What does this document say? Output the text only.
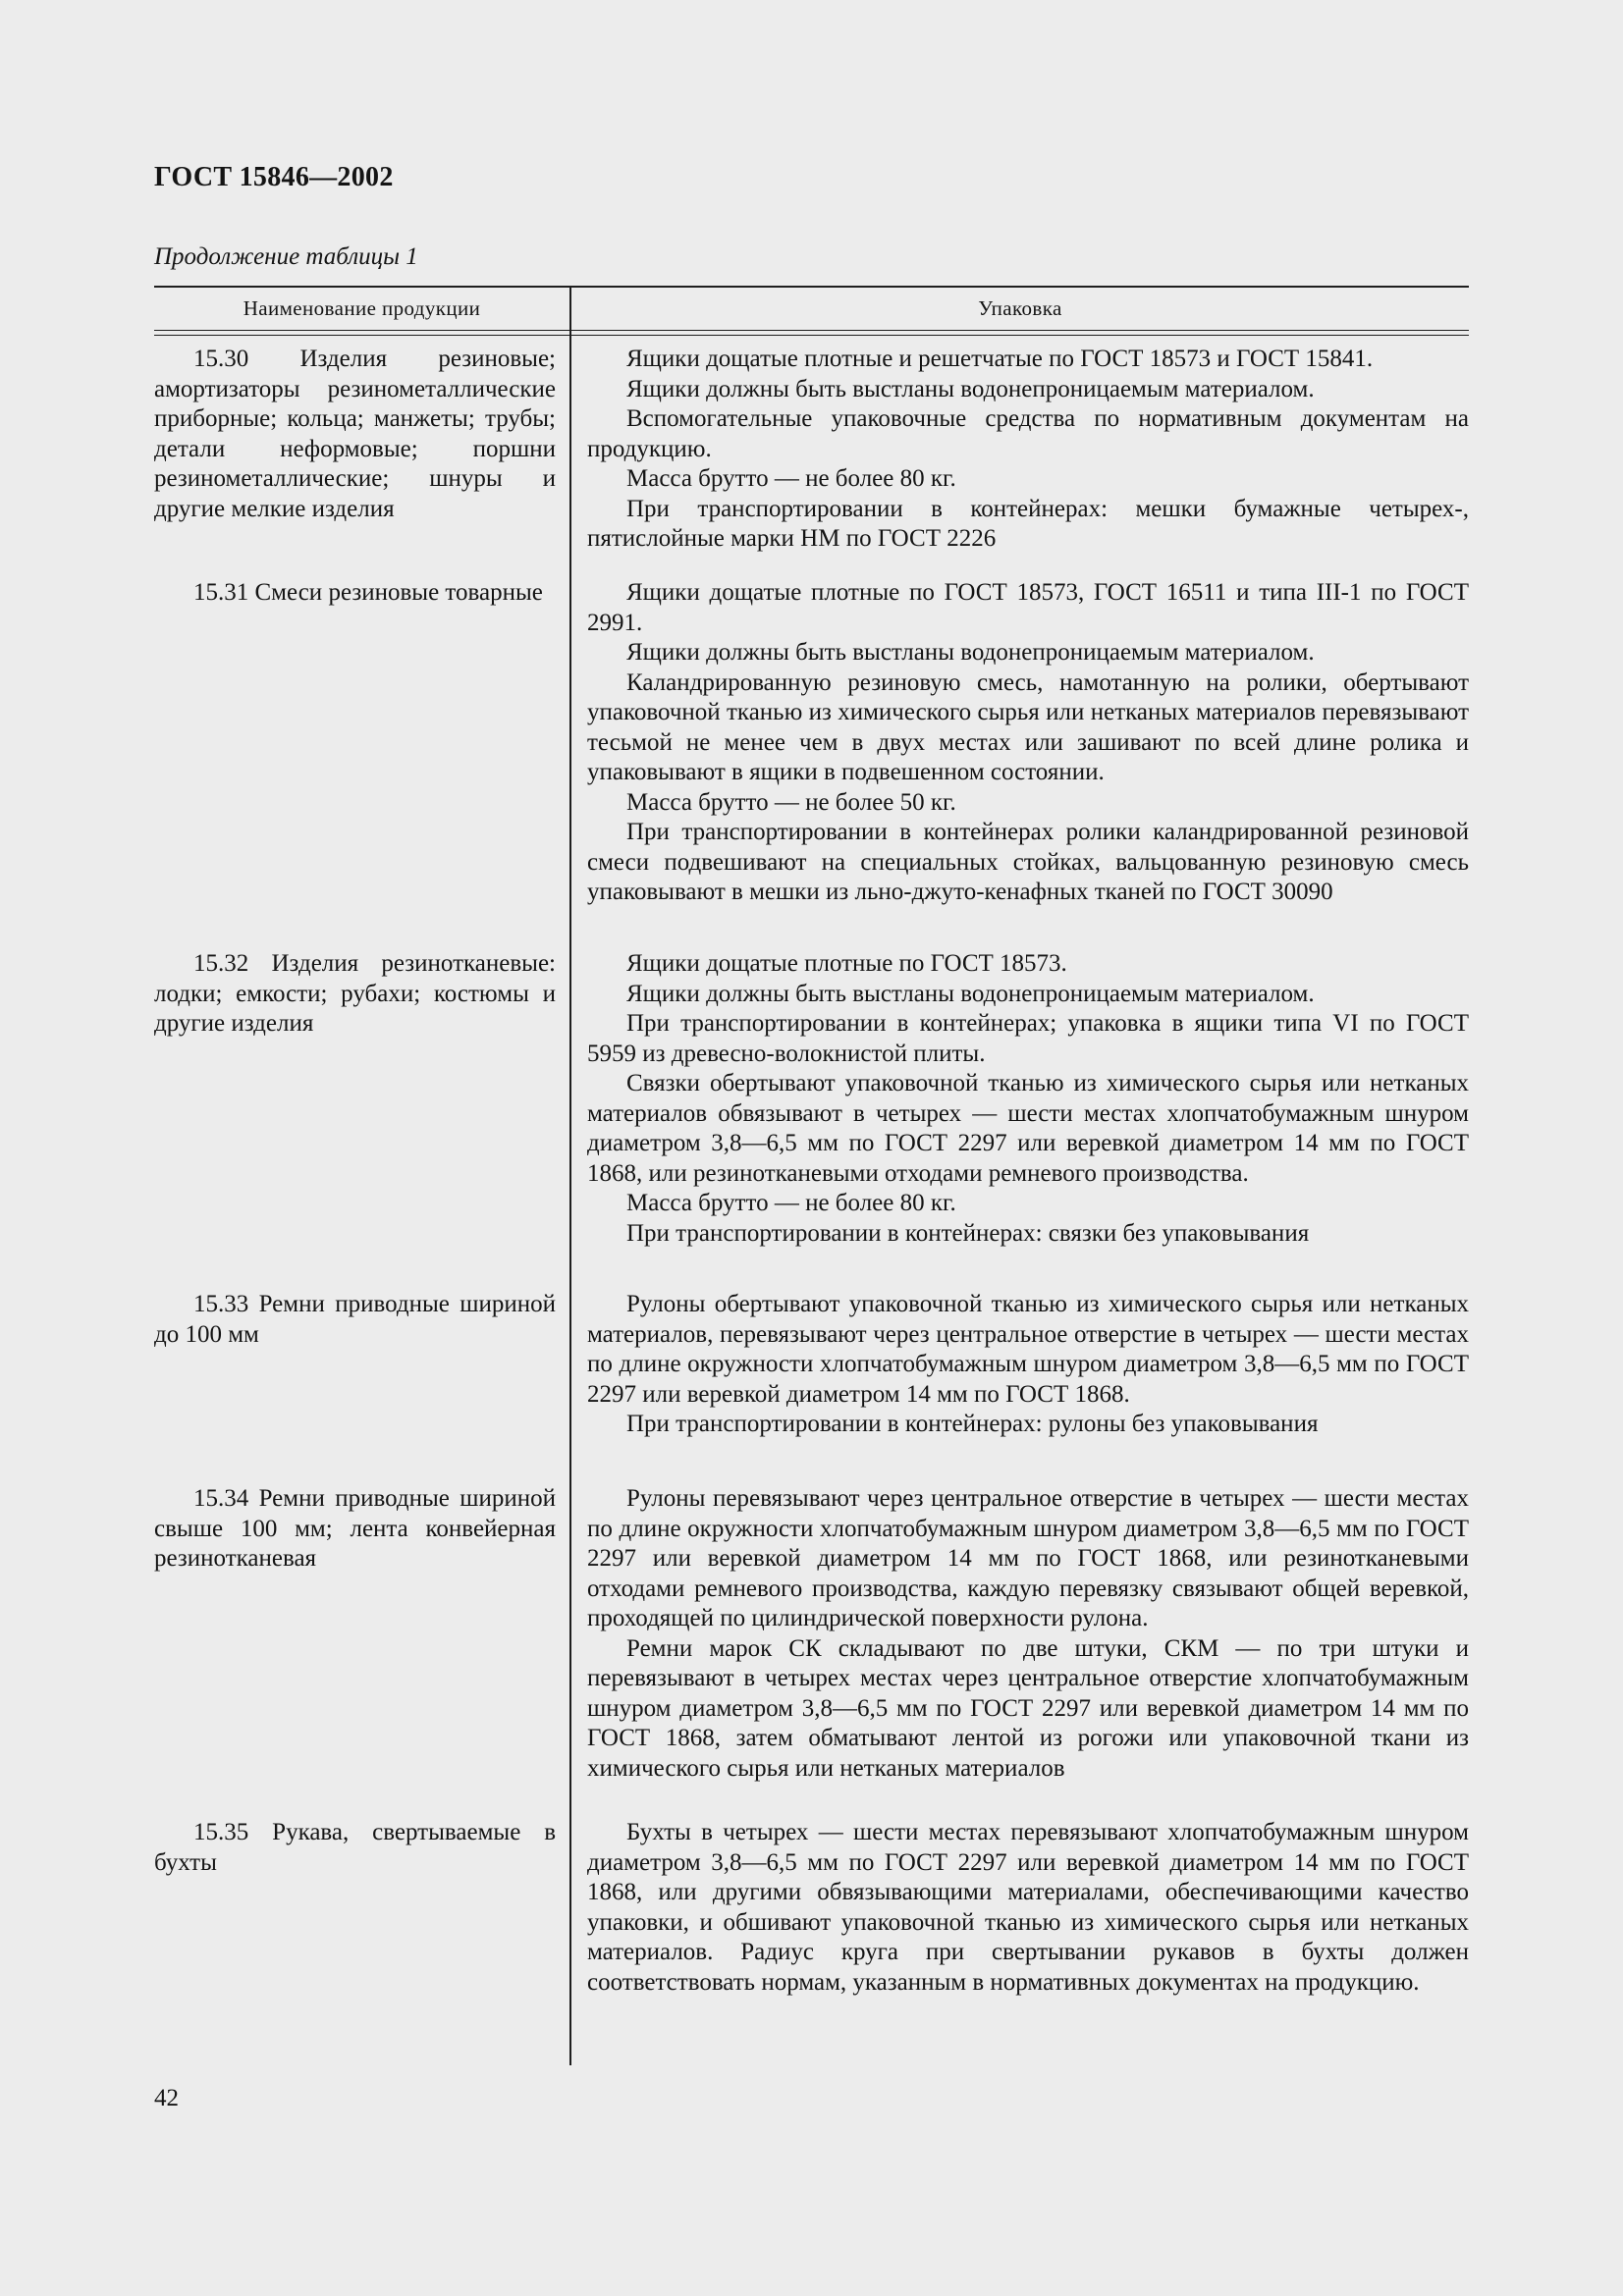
ГОСТ 15846—2002
Продолжение таблицы 1
Наименование продукции	Упаковка
15.30 Изделия резиновые; амортизаторы резинометаллические приборные; кольца; манжеты; трубы; детали неформовые; поршни резинометаллические; шнуры и другие мелкие изделия

Ящики дощатые плотные и решетчатые по ГОСТ 18573 и ГОСТ 15841.

Ящики должны быть выстланы водонепроницаемым материалом.

Вспомогательные упаковочные средства по нормативным документам на продукцию.

Масса брутто — не более 80 кг.

При транспортировании в контейнерах: мешки бумажные четырех-, пятислойные марки НМ по ГОСТ 2226

15.31 Смеси резиновые товарные	Ящики дощатые плотные по ГОСТ 18573, ГОСТ 16511 и типа III-1 по ГОСТ 2991.

Ящики должны быть выстланы водонепроницаемым материалом.

Каландрированную резиновую смесь, намотанную на ролики, обертывают упаковочной тканью из химического сырья или нетканых материалов перевязывают тесьмой не менее чем в двух местах или зашивают по всей длине ролика и упаковывают в ящики в подвешенном состоянии.

Масса брутто — не более 50 кг.

При транспортировании в контейнерах ролики каландрированной резиновой смеси подвешивают на специальных стойках, вальцованную резиновую смесь упаковывают в мешки из льно-джуто-кенафных тканей по ГОСТ 30090

15.32 Изделия резинотканевые: лодки; емкости; рубахи; костюмы и другие изделия

Ящики дощатые плотные по ГОСТ 18573.

Ящики должны быть выстланы водонепроницаемым материалом.

При транспортировании в контейнерах; упаковка в ящики типа VI по ГОСТ 5959 из древесно-волокнистой плиты.

Связки обертывают упаковочной тканью из химического сырья или нетканых материалов обвязывают в четырех — шести местах хлопчатобумажным шнуром диаметром 3,8—6,5 мм по ГОСТ 2297 или веревкой диаметром 14 мм по ГОСТ 1868, или резинотканевыми отходами ремневого производства.

Масса брутто — не более 80 кг.

При транспортировании в контейнерах: связки без упаковывания

15.33 Ремни приводные шириной до 100 мм

Рулоны обертывают упаковочной тканью из химического сырья или нетканых материалов, перевязывают через центральное отверстие в четырех — шести местах по длине окружности хлопчатобумажным шнуром диаметром 3,8—6,5 мм по ГОСТ 2297 или веревкой диаметром 14 мм по ГОСТ 1868.

При транспортировании в контейнерах: рулоны без упаковывания

15.34 Ремни приводные шириной свыше 100 мм; лента конвейерная резинотканевая

Рулоны перевязывают через центральное отверстие в четырех — шести местах по длине окружности хлопчатобумажным шнуром диаметром 3,8—6,5 мм по ГОСТ 2297 или веревкой диаметром 14 мм по ГОСТ 1868, или резинотканевыми отходами ремневого производства, каждую перевязку связывают общей веревкой, проходящей по цилиндрической поверхности рулона.

Ремни марок СК складывают по две штуки, СКМ — по три штуки и перевязывают в четырех местах через центральное отверстие хлопчатобумажным шнуром диаметром 3,8—6,5 мм по ГОСТ 2297 или веревкой диаметром 14 мм по ГОСТ 1868, затем обматывают лентой из рогожи или упаковочной ткани из химического сырья или нетканых материалов

15.35 Рукава, свертываемые в бухты

Бухты в четырех — шести местах перевязывают хлопчатобумажным шнуром диаметром 3,8—6,5 мм по ГОСТ 2297 или веревкой диаметром 14 мм по ГОСТ 1868, или другими обвязывающими материалами, обеспечивающими качество упаковки, и обшивают упаковочной тканью из химического сырья или нетканых материалов. Радиус круга при свертывании рукавов в бухты должен соответствовать нормам, указанным в нормативных документах на продукцию.

42
